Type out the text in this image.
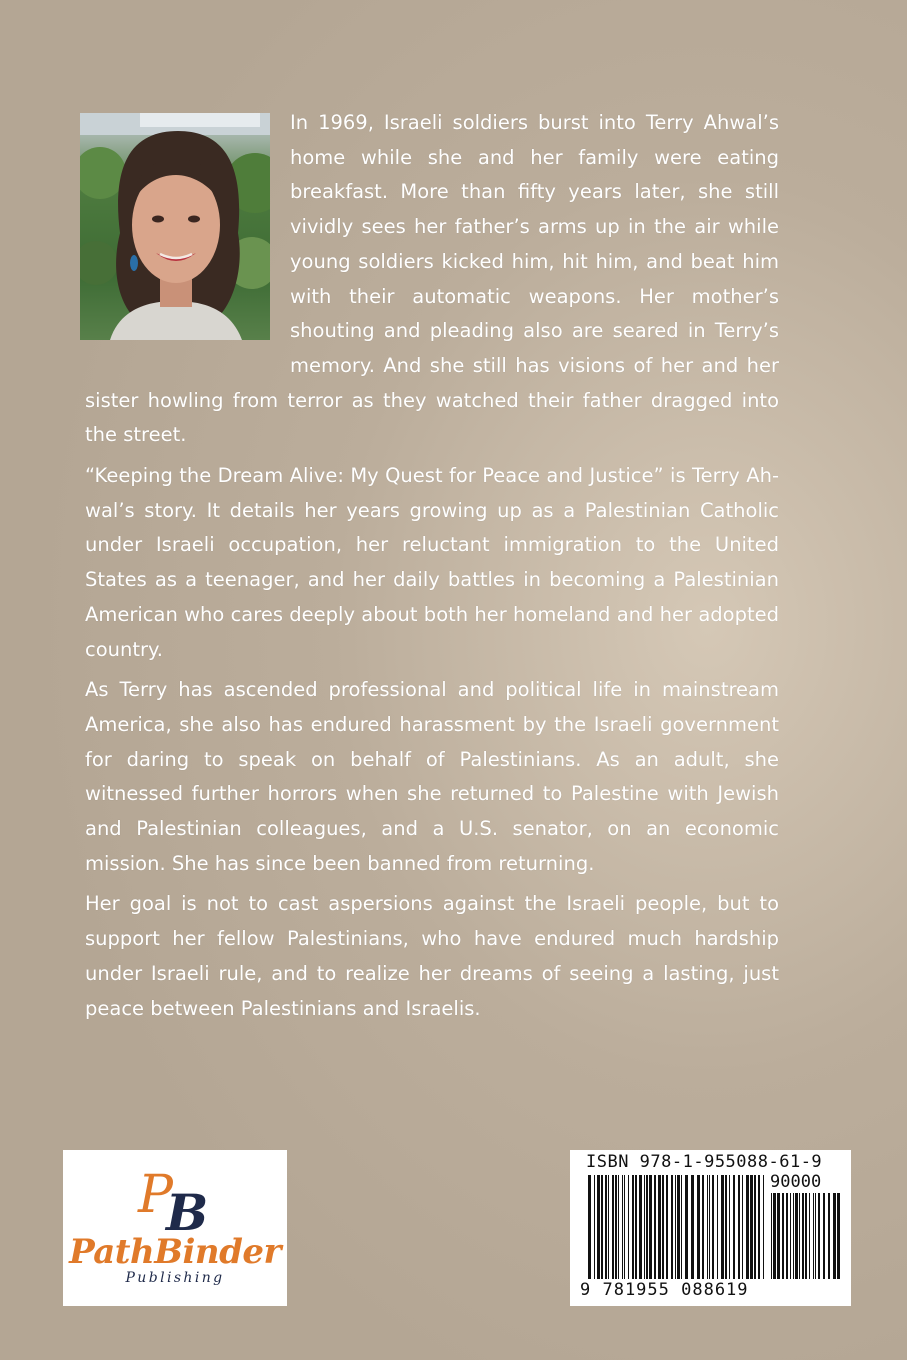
In 1969, Israeli soldiers burst into Terry Ahwal’s home while she and her family were eating breakfast. More than fifty years later, she still vividly sees her father’s arms up in the air while young soldiers kicked him, hit him, and beat him with their automatic weapons. Her mother’s shouting and pleading also are seared in Terry’s memory. And she still has visions of her and her sister howling from terror as they watched their father dragged into the street.

“Keeping the Dream Alive: My Quest for Peace and Justice” is Terry Ahwal’s story. It details her years growing up as a Palestinian Catholic under Israeli occupation, her reluctant immigration to the United States as a teenager, and her daily battles in becoming a Palestinian American who cares deeply about both her homeland and her adopted country.

As Terry has ascended professional and political life in mainstream America, she also has endured harassment by the Israeli government for daring to speak on behalf of Palestinians. As an adult, she witnessed further horrors when she returned to Palestine with Jewish and Palestinian colleagues, and a U.S. senator, on an economic mission. She has since been banned from returning.

Her goal is not to cast aspersions against the Israeli people, but to support her fellow Palestinians, who have endured much hardship under Israeli rule, and to realize her dreams of seeing a lasting, just peace between Palestinians and Israelis.

P
B
PathBinder
Publishing
ISBN 978-1-955088-61-9
90000
9 781955 088619
